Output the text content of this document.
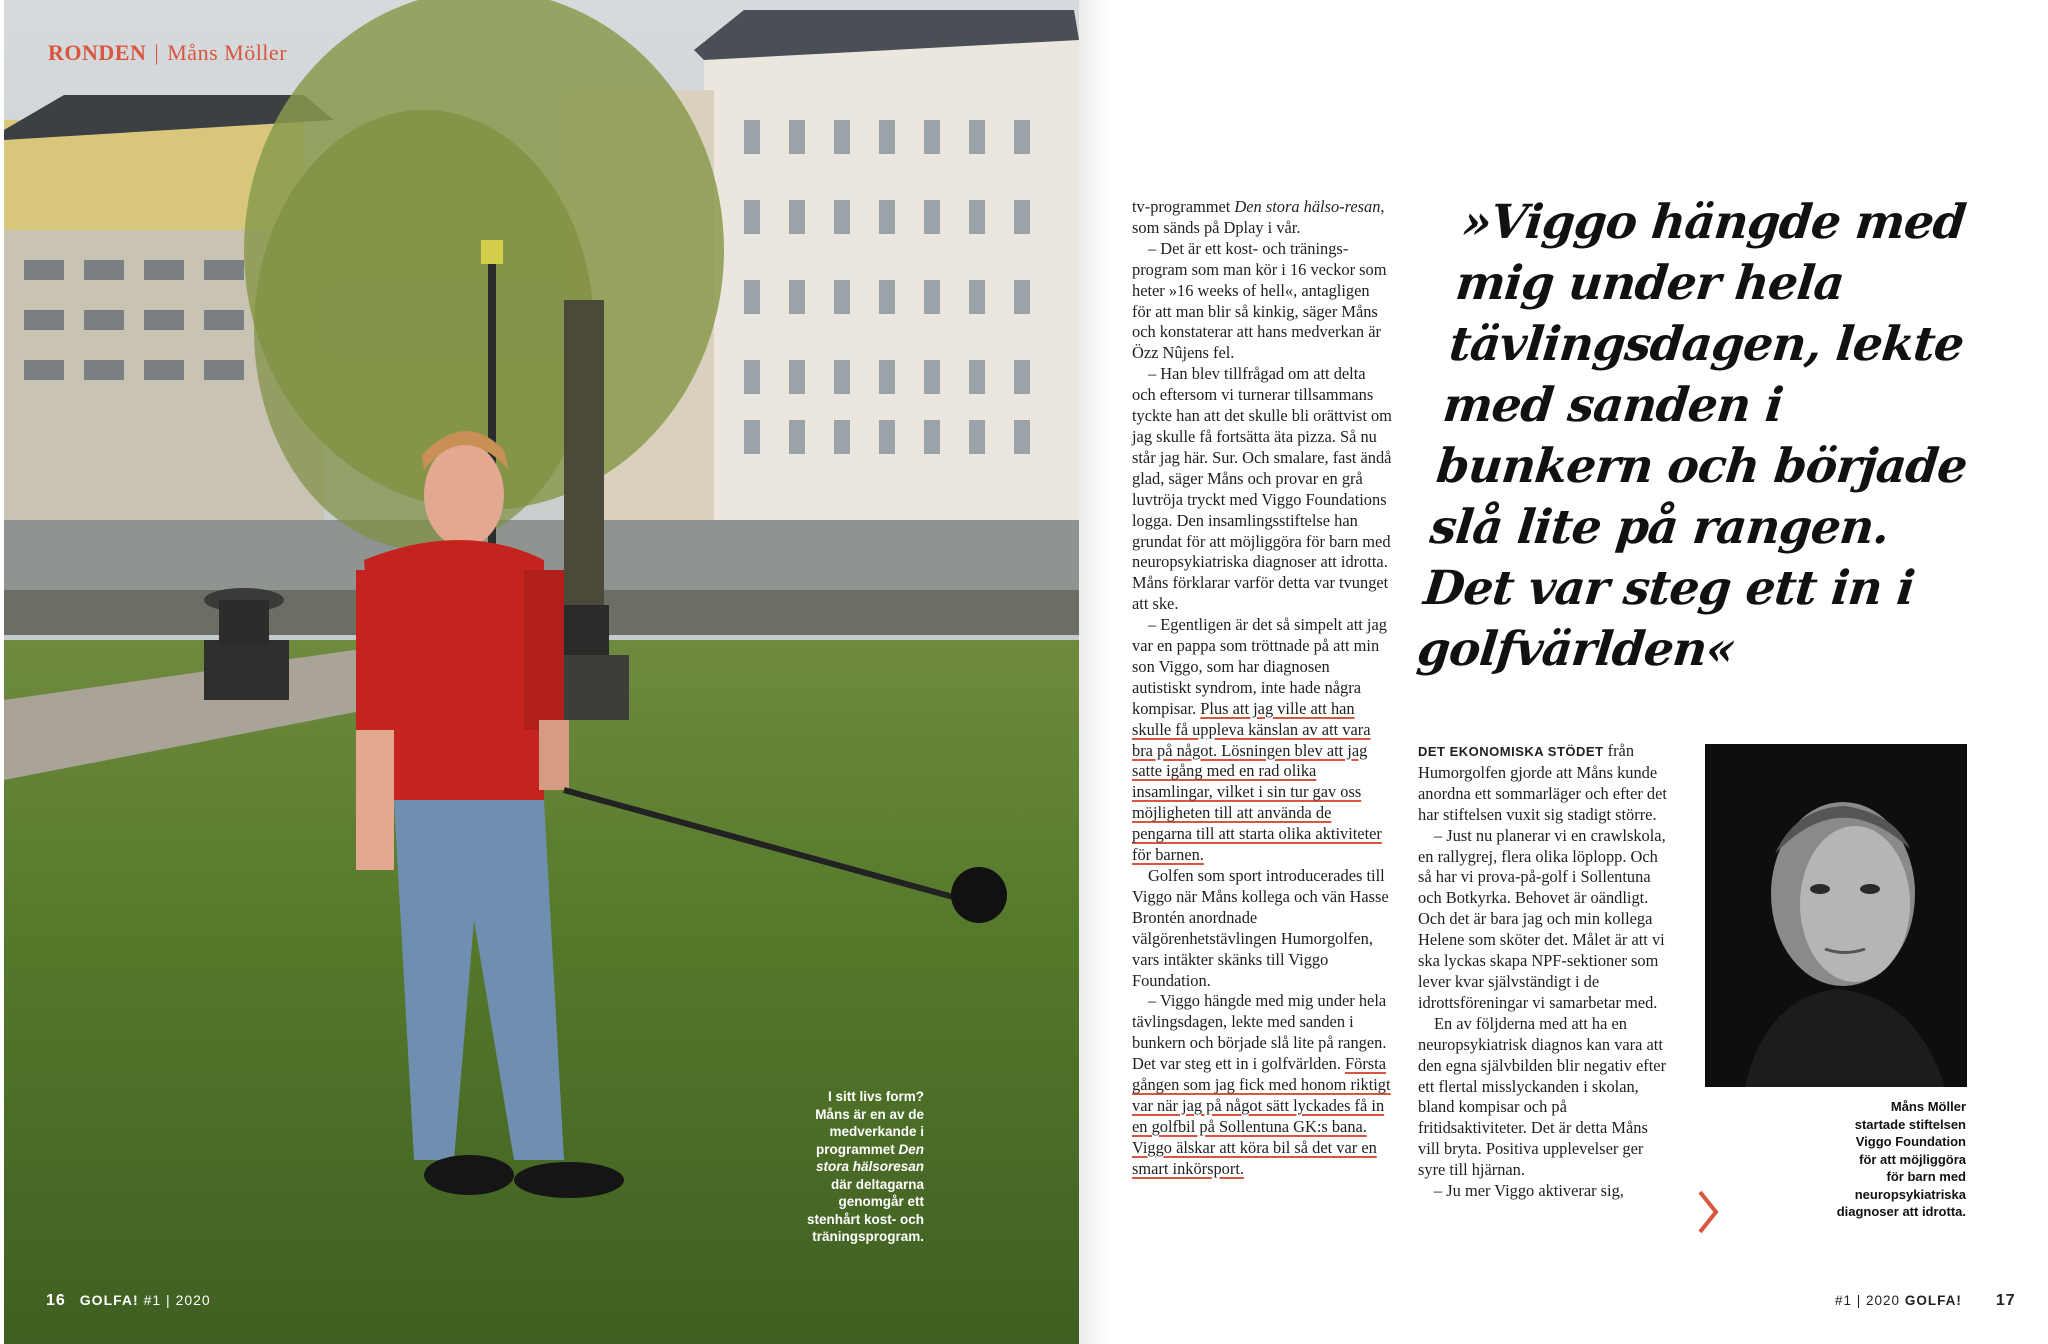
RONDEN | Måns Möller
I sitt livs form?
Måns är en av de
medverkande i
programmet Den
stora hälsoresan
där deltagarna
genomgår ett
stenhårt kost- och
träningsprogram.
16 GOLFA! #1 | 2020

tv-programmet Den stora hälso-resan, som sänds på Dplay i vår.

– Det är ett kost- och tränings-program som man kör i 16 veckor som heter »16 weeks of hell«, antagligen för att man blir så kinkig, säger Måns och konstaterar att hans medverkan är Özz Nûjens fel.

– Han blev tillfrågad om att delta och eftersom vi turnerar tillsammans tyckte han att det skulle bli orättvist om jag skulle få fortsätta äta pizza. Så nu står jag här. Sur. Och smalare, fast ändå glad, säger Måns och provar en grå luvtröja tryckt med Viggo Foundations logga. Den insamlingsstiftelse han grundat för att möjliggöra för barn med neuropsykiatriska diagnoser att idrotta. Måns förklarar varför detta var tvunget att ske.

– Egentligen är det så simpelt att jag var en pappa som tröttnade på att min son Viggo, som har diagnosen autistiskt syndrom, inte hade några kompisar. Plus att jag ville att han skulle få uppleva känslan av att vara bra på något. Lösningen blev att jag satte igång med en rad olika insamlingar, vilket i sin tur gav oss möjligheten till att använda de pengarna till att starta olika aktiviteter för barnen.

Golfen som sport introducerades till Viggo när Måns kollega och vän Hasse Brontén anordnade välgörenhetstävlingen Humorgolfen, vars intäkter skänks till Viggo Foundation.

– Viggo hängde med mig under hela tävlingsdagen, lekte med sanden i bunkern och började slå lite på rangen. Det var steg ett in i golfvärlden. Första gången som jag fick med honom riktigt var när jag på något sätt lyckades få in en golfbil på Sollentuna GK:s bana. Viggo älskar att köra bil så det var en smart inkörsport.

»Viggo hängde med mig under hela tävlingsdagen, lekte med sanden i bunkern och började slå lite på rangen. Det var steg ett in i golfvärlden«

DET EKONOMISKA STÖDET från Humorgolfen gjorde att Måns kunde anordna ett sommarläger och efter det har stiftelsen vuxit sig stadigt större.

– Just nu planerar vi en crawlskola, en rallygrej, flera olika löplopp. Och så har vi prova-på-golf i Sollentuna och Botkyrka. Behovet är oändligt. Och det är bara jag och min kollega Helene som sköter det. Målet är att vi ska lyckas skapa NPF-sektioner som lever kvar självständigt i de idrottsföreningar vi samarbetar med.

En av följderna med att ha en neuropsykiatrisk diagnos kan vara att den egna självbilden blir negativ efter ett flertal misslyckanden i skolan, bland kompisar och på fritidsaktiviteter. Det är detta Måns vill bryta. Positiva upplevelser ger syre till hjärnan.

– Ju mer Viggo aktiverar sig,

Måns Möller
startade stiftelsen
Viggo Foundation
för att möjliggöra
för barn med
neuropsykiatriska
diagnoser att idrotta.
#1 | 2020 GOLFA! 17
